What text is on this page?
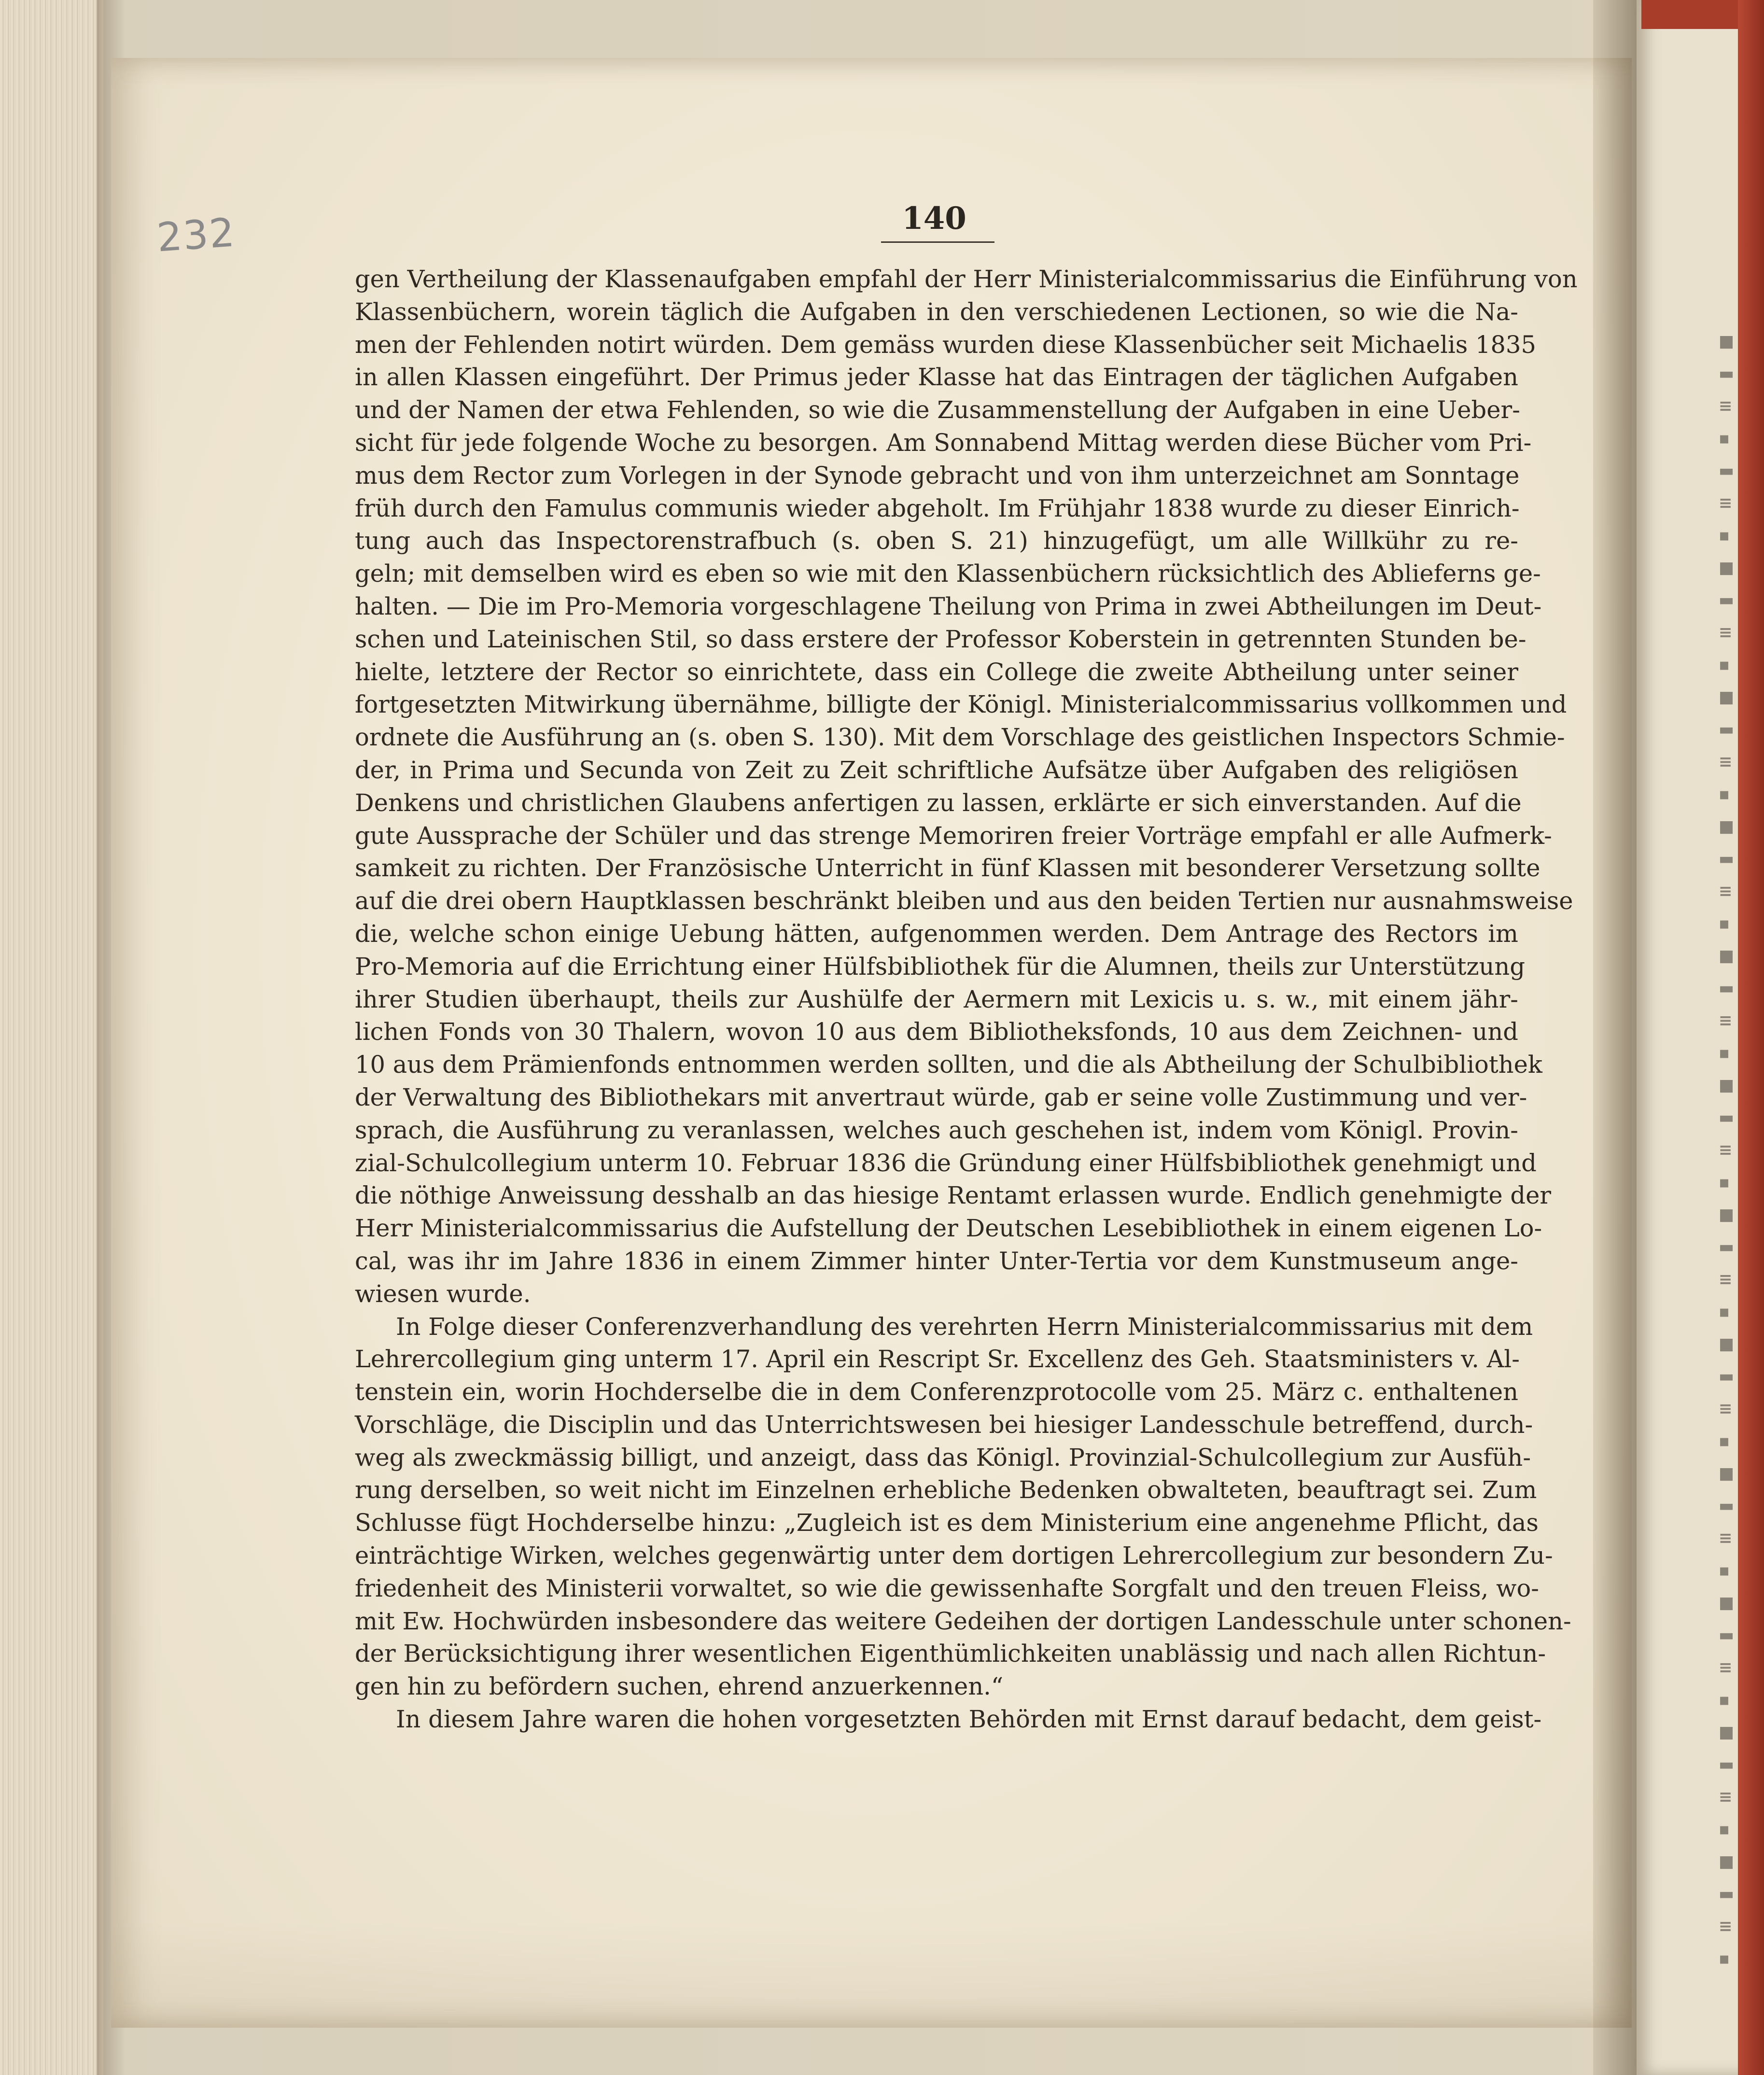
■
▬
≡
▪
▬
≡
▪
■
▬
≡
▪
■
▬
≡
▪
■
▬
≡
▪
■
▬
≡
▪
■
▬
≡
▪
■
▬
≡
▪
■
▬
≡
▪
■
▬
≡
▪
■
▬
≡
▪
■
▬
≡
▪
■
▬
≡
▪

232	140
gen Vertheilung der Klassenaufgaben empfahl der Herr Ministerialcommissarius die Einführung von
Klassenbüchern, worein täglich die Aufgaben in den verschiedenen Lectionen, so wie die Na-
men der Fehlenden notirt würden. Dem gemäss wurden diese Klassenbücher seit Michaelis 1835
in allen Klassen eingeführt. Der Primus jeder Klasse hat das Eintragen der täglichen Aufgaben
und der Namen der etwa Fehlenden, so wie die Zusammenstellung der Aufgaben in eine Ueber-
sicht für jede folgende Woche zu besorgen. Am Sonnabend Mittag werden diese Bücher vom Pri-
mus dem Rector zum Vorlegen in der Synode gebracht und von ihm unterzeichnet am Sonntage
früh durch den Famulus communis wieder abgeholt. Im Frühjahr 1838 wurde zu dieser Einrich-
tung auch das Inspectorenstrafbuch (s. oben S. 21) hinzugefügt, um alle Willkühr zu re-
geln; mit demselben wird es eben so wie mit den Klassenbüchern rücksichtlich des Ablieferns ge-
halten. — Die im Pro-Memoria vorgeschlagene Theilung von Prima in zwei Abtheilungen im Deut-
schen und Lateinischen Stil, so dass erstere der Professor Koberstein in getrennten Stunden be-
hielte, letztere der Rector so einrichtete, dass ein College die zweite Abtheilung unter seiner
fortgesetzten Mitwirkung übernähme, billigte der Königl. Ministerialcommissarius vollkommen und
ordnete die Ausführung an (s. oben S. 130). Mit dem Vorschlage des geistlichen Inspectors Schmie-
der, in Prima und Secunda von Zeit zu Zeit schriftliche Aufsätze über Aufgaben des religiösen
Denkens und christlichen Glaubens anfertigen zu lassen, erklärte er sich einverstanden. Auf die
gute Aussprache der Schüler und das strenge Memoriren freier Vorträge empfahl er alle Aufmerk-
samkeit zu richten. Der Französische Unterricht in fünf Klassen mit besonderer Versetzung sollte
auf die drei obern Hauptklassen beschränkt bleiben und aus den beiden Tertien nur ausnahmsweise
die, welche schon einige Uebung hätten, aufgenommen werden. Dem Antrage des Rectors im
Pro-Memoria auf die Errichtung einer Hülfsbibliothek für die Alumnen, theils zur Unterstützung
ihrer Studien überhaupt, theils zur Aushülfe der Aermern mit Lexicis u. s. w., mit einem jähr-
lichen Fonds von 30 Thalern, wovon 10 aus dem Bibliotheksfonds, 10 aus dem Zeichnen- und
10 aus dem Prämienfonds entnommen werden sollten, und die als Abtheilung der Schulbibliothek
der Verwaltung des Bibliothekars mit anvertraut würde, gab er seine volle Zustimmung und ver-
sprach, die Ausführung zu veranlassen, welches auch geschehen ist, indem vom Königl. Provin-
zial-Schulcollegium unterm 10. Februar 1836 die Gründung einer Hülfsbibliothek genehmigt und
die nöthige Anweissung desshalb an das hiesige Rentamt erlassen wurde. Endlich genehmigte der
Herr Ministerialcommissarius die Aufstellung der Deutschen Lesebibliothek in einem eigenen Lo-
cal, was ihr im Jahre 1836 in einem Zimmer hinter Unter-Tertia vor dem Kunstmuseum ange-
wiesen wurde.
In Folge dieser Conferenzverhandlung des verehrten Herrn Ministerialcommissarius mit dem
Lehrercollegium ging unterm 17. April ein Rescript Sr. Excellenz des Geh. Staatsministers v. Al-
tenstein ein, worin Hochderselbe die in dem Conferenzprotocolle vom 25. März c. enthaltenen
Vorschläge, die Disciplin und das Unterrichtswesen bei hiesiger Landesschule betreffend, durch-
weg als zweckmässig billigt, und anzeigt, dass das Königl. Provinzial-Schulcollegium zur Ausfüh-
rung derselben, so weit nicht im Einzelnen erhebliche Bedenken obwalteten, beauftragt sei. Zum
Schlusse fügt Hochderselbe hinzu: „Zugleich ist es dem Ministerium eine angenehme Pflicht, das
einträchtige Wirken, welches gegenwärtig unter dem dortigen Lehrercollegium zur besondern Zu-
friedenheit des Ministerii vorwaltet, so wie die gewissenhafte Sorgfalt und den treuen Fleiss, wo-
mit Ew. Hochwürden insbesondere das weitere Gedeihen der dortigen Landesschule unter schonen-
der Berücksichtigung ihrer wesentlichen Eigenthümlichkeiten unablässig und nach allen Richtun-
gen hin zu befördern suchen, ehrend anzuerkennen.“
In diesem Jahre waren die hohen vorgesetzten Behörden mit Ernst darauf bedacht, dem geist-
